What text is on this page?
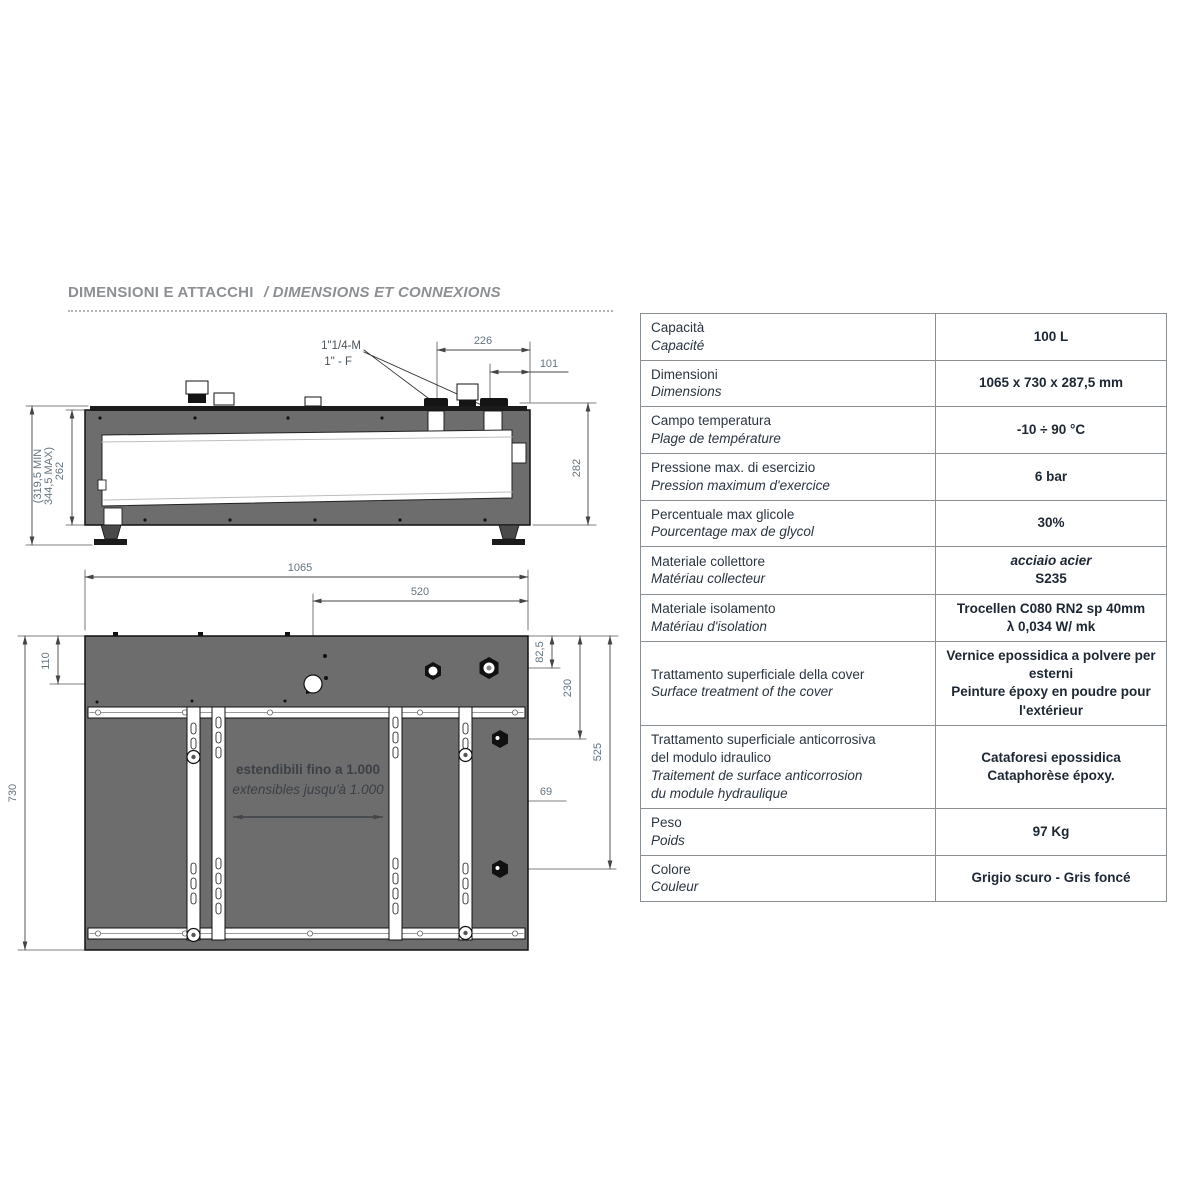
DIMENSIONI E ATTACCHI / DIMENSIONS ET CONNEXIONS
226
101
282
262
(319,5 MIN 344,5 MAX)
1"1/4-M
1" - F
1065
520
110
730
82,5
230
525
69
estendibili fino a 1.000
extensibles jusqu'à 1.000
Capacità
Capacité
100 L
Dimensioni
Dimensions
1065 x 730 x 287,5 mm
Campo temperatura
Plage de température
-10 ÷ 90 °C
Pressione max. di esercizio
Pression maximum d'exercice
6 bar
Percentuale max glicole
Pourcentage max de glycol
30%
Materiale collettore
Matériau collecteur
acciaio acier
S235
Materiale isolamento
Matériau d'isolation
Trocellen C080 RN2 sp 40mm
λ 0,034 W/ mk
Trattamento superficiale della cover
Surface treatment of the cover
Vernice epossidica a polvere per esterni
Peinture époxy en poudre pour
l'extérieur
Trattamento superficiale anticorrosiva
del modulo idraulico
Traitement de surface anticorrosion
du module hydraulique
Cataforesi epossidica
Cataphorèse époxy.
Peso
Poids
97 Kg
Colore
Couleur
Grigio scuro - Gris foncé
